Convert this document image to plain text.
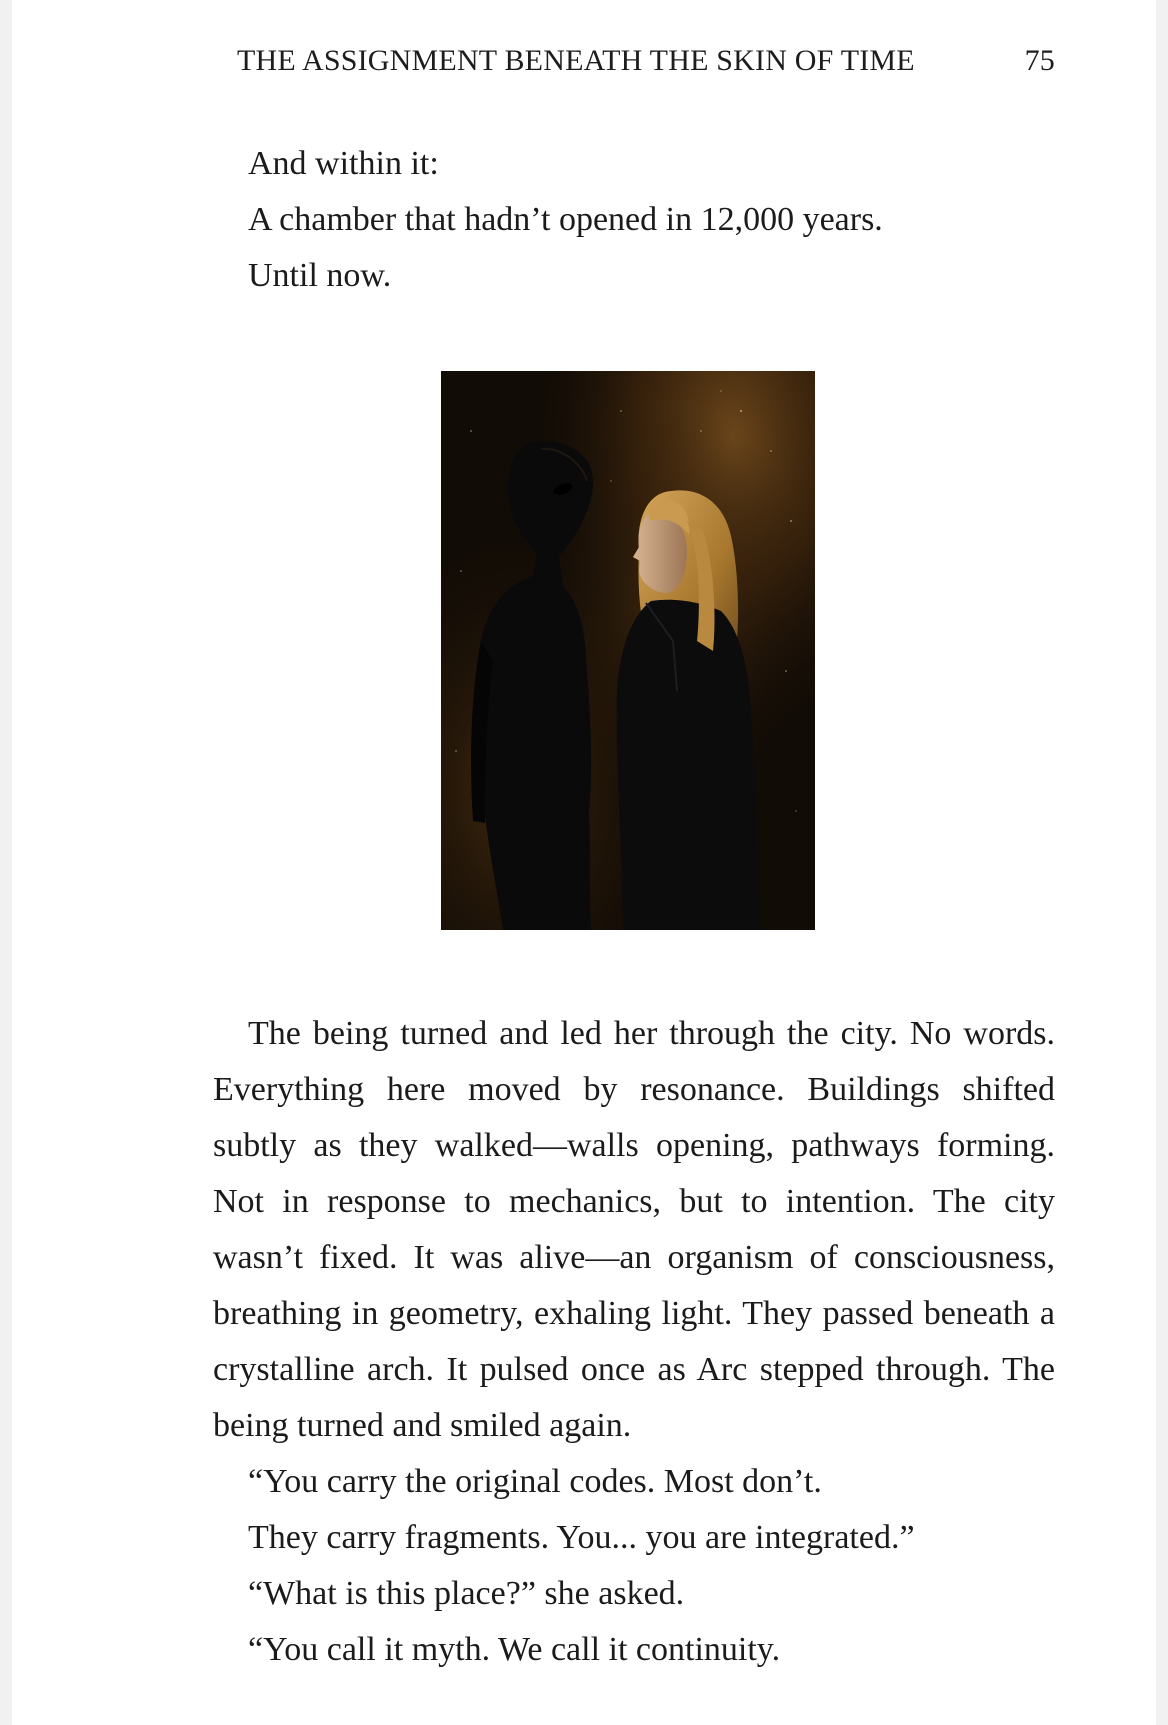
THE ASSIGNMENT BENEATH THE SKIN OF TIME	75

And within it:

A chamber that hadn’t opened in 12,000 years.

Until now.

The being turned and led her through the city. No words. Everything here moved by resonance. Buildings shifted subtly as they walked—walls opening, pathways forming. Not in response to mechanics, but to intention. The city wasn’t fixed. It was alive—an organism of consciousness, breathing in geometry, exhaling light. They passed beneath a crystalline arch. It pulsed once as Arc stepped through. The being turned and smiled again.

“You carry the original codes. Most don’t.

They carry fragments. You... you are integrated.”

“What is this place?” she asked.

“You call it myth. We call it continuity.
